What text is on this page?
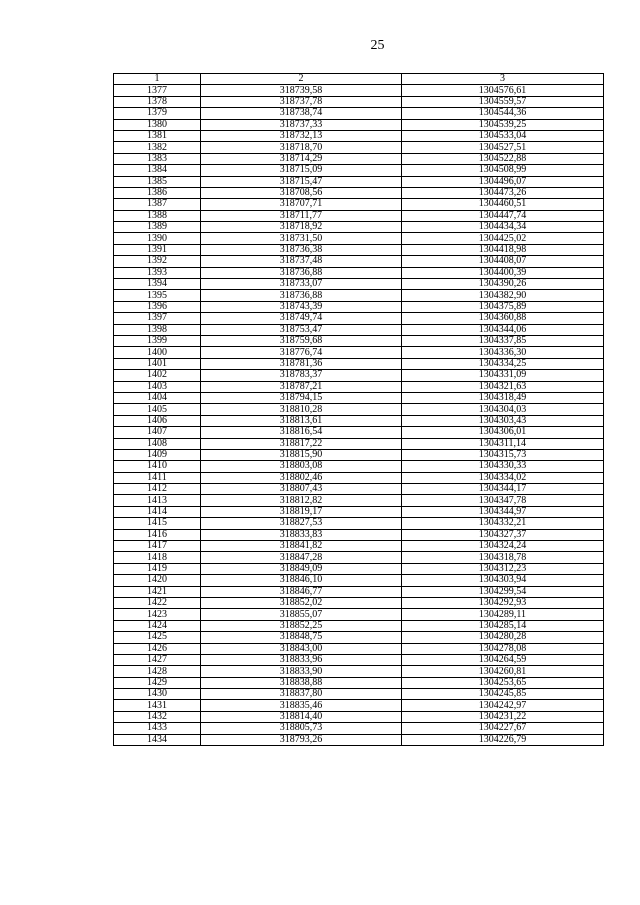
25
1	2	3
1377	318739,58	1304576,61
1378	318737,78	1304559,57
1379	318738,74	1304544,36
1380	318737,33	1304539,25
1381	318732,13	1304533,04
1382	318718,70	1304527,51
1383	318714,29	1304522,88
1384	318715,09	1304508,99
1385	318715,47	1304496,07
1386	318708,56	1304473,26
1387	318707,71	1304460,51
1388	318711,77	1304447,74
1389	318718,92	1304434,34
1390	318731,50	1304425,02
1391	318736,38	1304418,98
1392	318737,48	1304408,07
1393	318736,88	1304400,39
1394	318733,07	1304390,26
1395	318736,88	1304382,90
1396	318743,39	1304375,89
1397	318749,74	1304360,88
1398	318753,47	1304344,06
1399	318759,68	1304337,85
1400	318776,74	1304336,30
1401	318781,36	1304334,25
1402	318783,37	1304331,09
1403	318787,21	1304321,63
1404	318794,15	1304318,49
1405	318810,28	1304304,03
1406	318813,61	1304303,43
1407	318816,54	1304306,01
1408	318817,22	1304311,14
1409	318815,90	1304315,73
1410	318803,08	1304330,33
1411	318802,46	1304334,02
1412	318807,43	1304344,17
1413	318812,82	1304347,78
1414	318819,17	1304344,97
1415	318827,53	1304332,21
1416	318833,83	1304327,37
1417	318841,82	1304324,24
1418	318847,28	1304318,78
1419	318849,09	1304312,23
1420	318846,10	1304303,94
1421	318846,77	1304299,54
1422	318852,02	1304292,93
1423	318855,07	1304289,11
1424	318852,25	1304285,14
1425	318848,75	1304280,28
1426	318843,00	1304278,08
1427	318833,96	1304264,59
1428	318833,90	1304260,81
1429	318838,88	1304253,65
1430	318837,80	1304245,85
1431	318835,46	1304242,97
1432	318814,40	1304231,22
1433	318805,73	1304227,67
1434	318793,26	1304226,79
